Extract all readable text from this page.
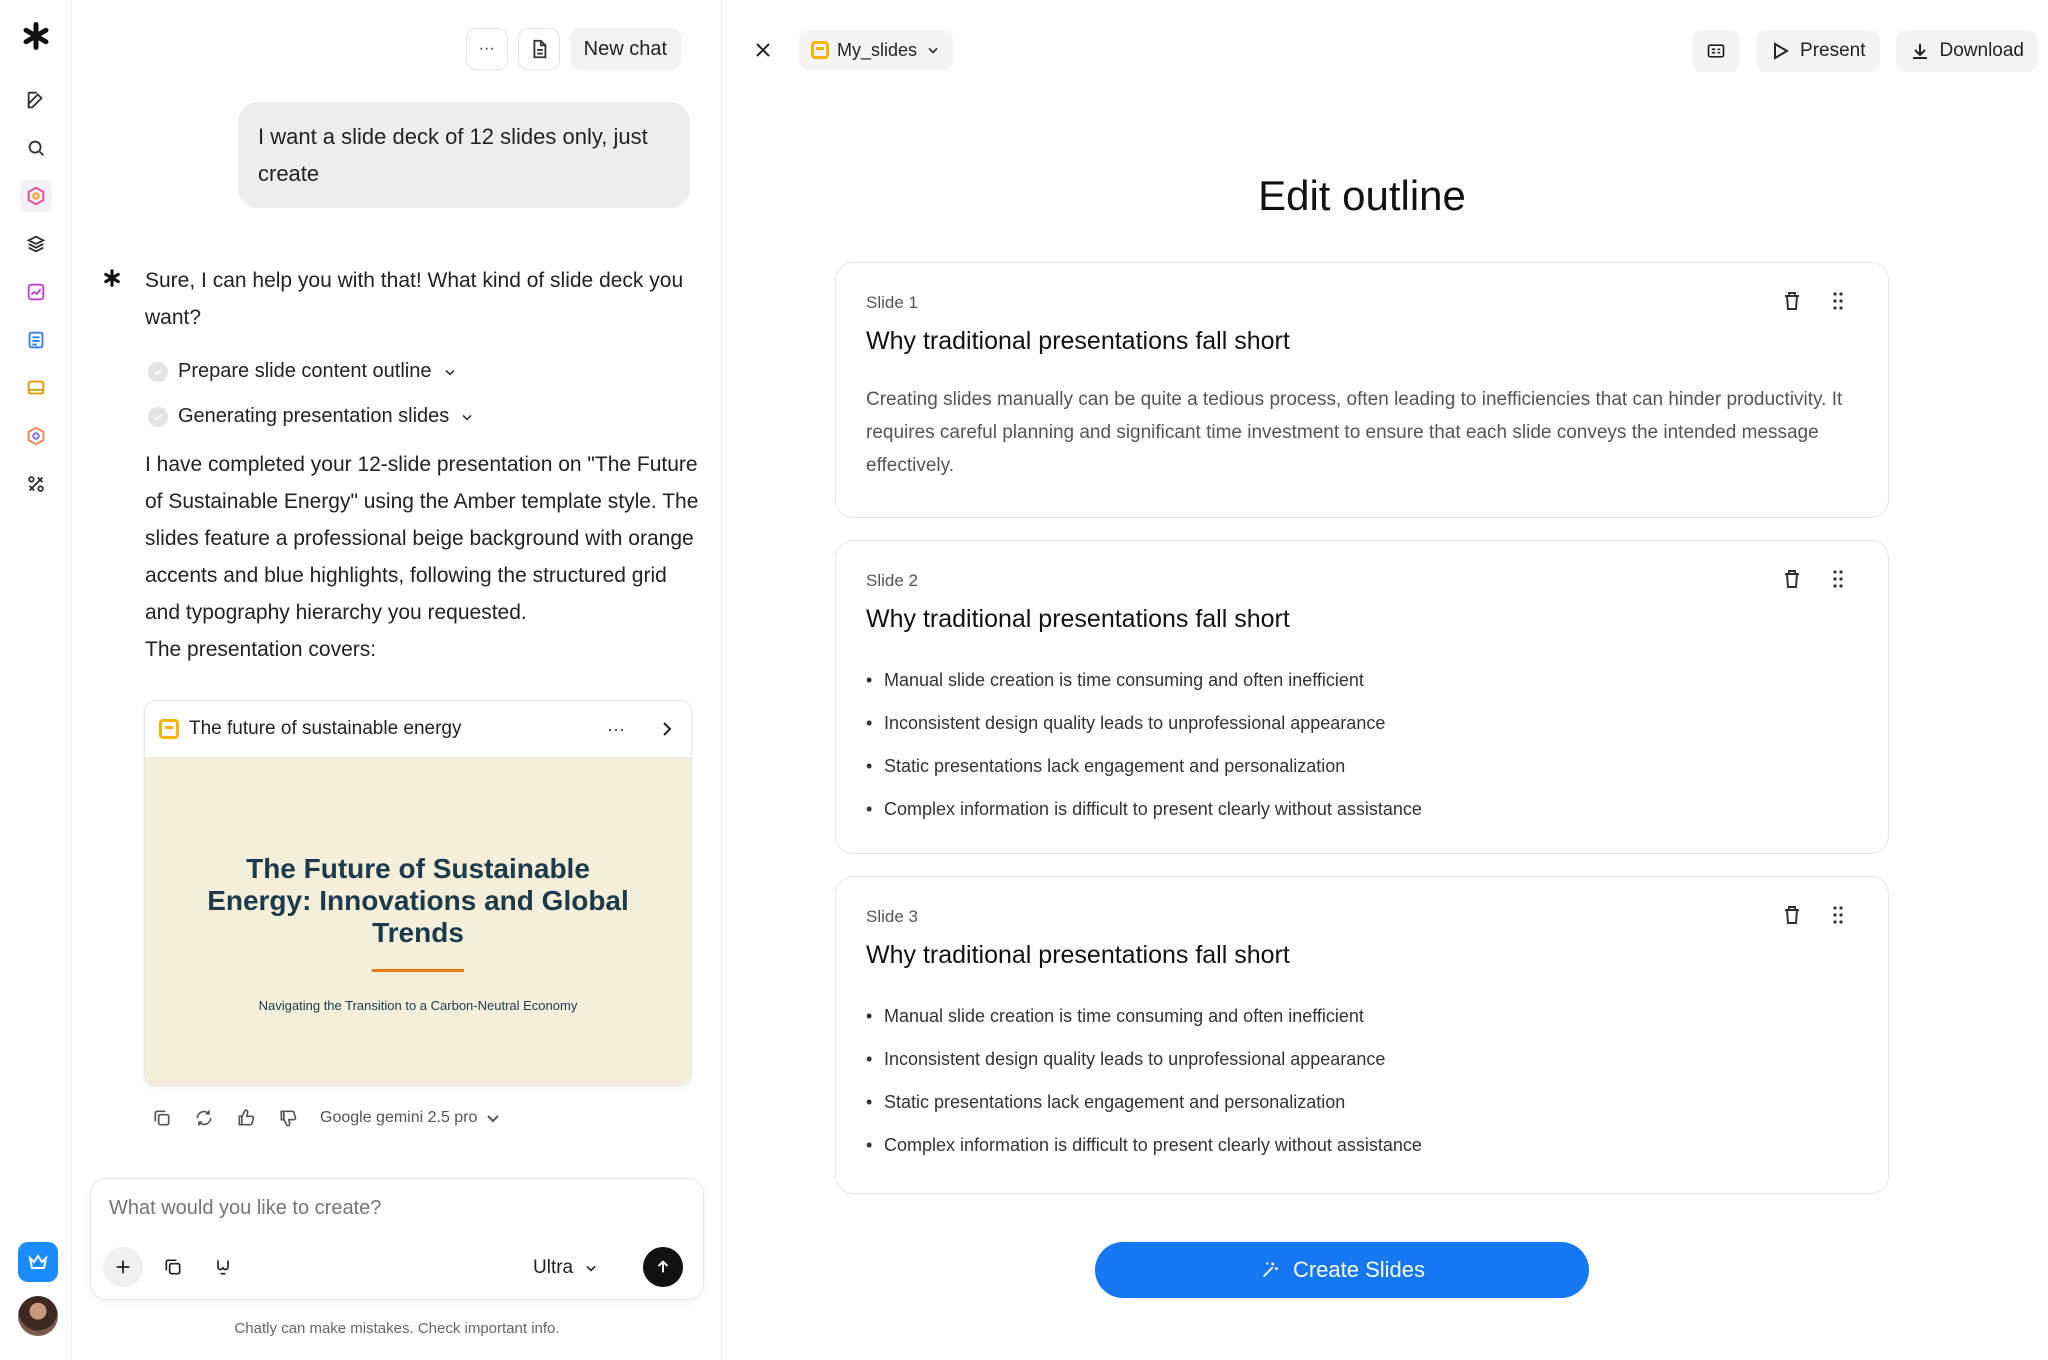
···	New chat
I want a slide deck of 12 slides only, just create
Sure, I can help you with that! What kind of slide deck you want?
Prepare slide content outline
Generating presentation slides
I have completed your 12-slide presentation on "The Future of Sustainable Energy" using the Amber template style. The slides feature a professional beige background with orange accents and blue highlights, following the structured grid and typography hierarchy you requested.
The presentation covers:
The future of sustainable energy	···
The Future of Sustainable Energy: Innovations and Global Trends
Navigating the Transition to a Carbon-Neutral Economy
Google gemini 2.5 pro
What would you like to create?
Ultra
Chatly can make mistakes. Check important info.
My_slides	Present	Download
Edit outline
Slide 1
Why traditional presentations fall short
Creating slides manually can be quite a tedious process, often leading to inefficiencies that can hinder productivity. It requires careful planning and significant time investment to ensure that each slide conveys the intended message effectively.
Slide 2
Why traditional presentations fall short
• Manual slide creation is time consuming and often inefficient
• Inconsistent design quality leads to unprofessional appearance
• Static presentations lack engagement and personalization
• Complex information is difficult to present clearly without assistance
Slide 3
Why traditional presentations fall short
• Manual slide creation is time consuming and often inefficient
• Inconsistent design quality leads to unprofessional appearance
• Static presentations lack engagement and personalization
• Complex information is difficult to present clearly without assistance
Create Slides
